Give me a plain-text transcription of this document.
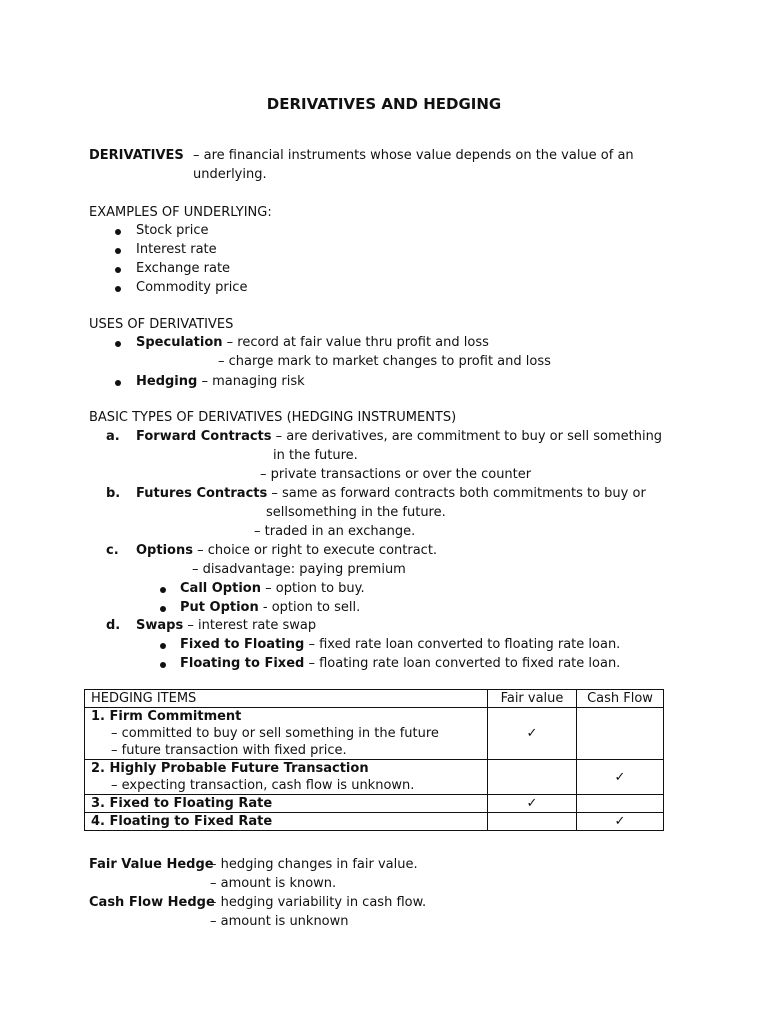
DERIVATIVES AND HEDGING
DERIVATIVES – are financial instruments whose value depends on the value of an
underlying.
EXAMPLES OF UNDERLYING:
Stock price
Interest rate
Exchange rate
Commodity price
USES OF DERIVATIVES
Speculation – record at fair value thru profit and loss
– charge mark to market changes to profit and loss
Hedging – managing risk
BASIC TYPES OF DERIVATIVES (HEDGING INSTRUMENTS)
a. Forward Contracts – are derivatives, are commitment to buy or sell something
in the future.
– private transactions or over the counter
b. Futures Contracts – same as forward contracts both commitments to buy or
sellsomething in the future.
– traded in an exchange.
c. Options – choice or right to execute contract.
– disadvantage: paying premium
Call Option – option to buy.
Put Option - option to sell.
d. Swaps – interest rate swap
Fixed to Floating – fixed rate loan converted to floating rate loan.
Floating to Fixed – floating rate loan converted to fixed rate loan.
HEDGING ITEMS	Fair value	Cash Flow
1. Firm Commitment
– committed to buy or sell something in the future
– future transaction with fixed price.	✓	
2. Highly Probable Future Transaction
– expecting transaction, cash flow is unknown.		✓
3. Fixed to Floating Rate	✓	
4. Floating to Fixed Rate		✓
Fair Value Hedge
– hedging changes in fair value.
– amount is known.
Cash Flow Hedge
– hedging variability in cash flow.
– amount is unknown
